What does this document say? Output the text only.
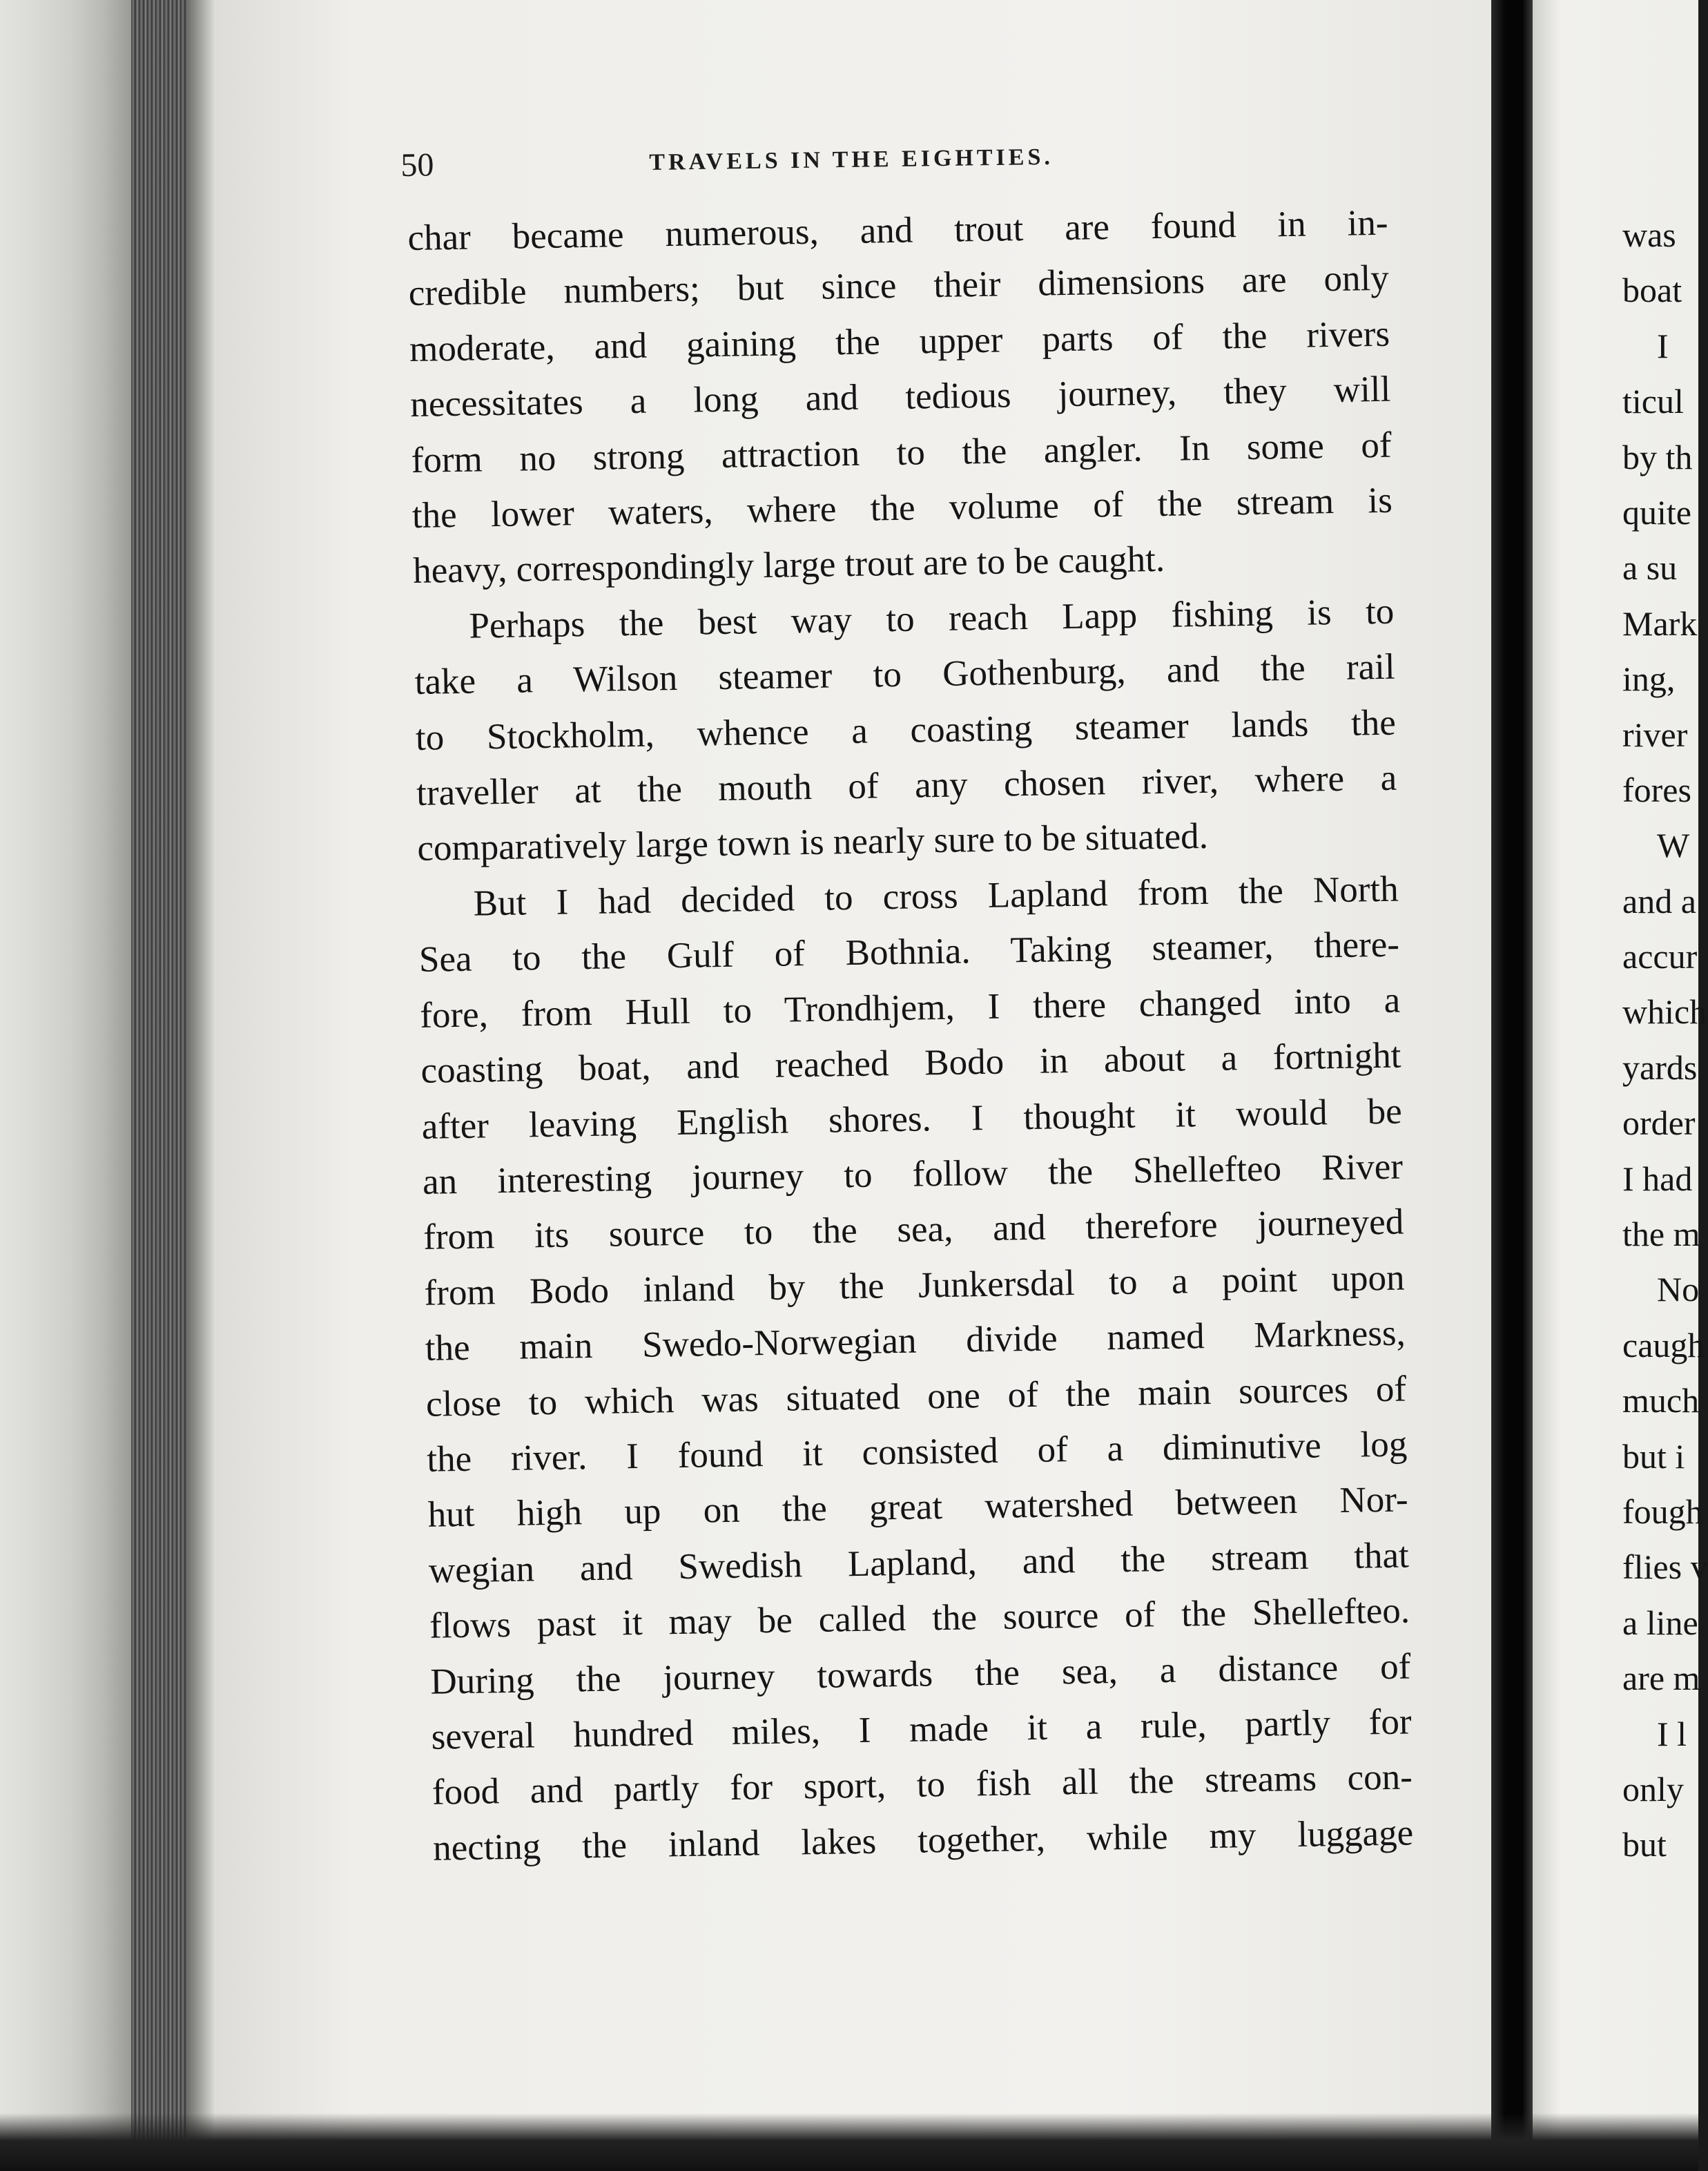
50	TRAVELS IN THE EIGHTIES.

char became numerous, and trout are found in in-
credible numbers; but since their dimensions are only
moderate, and gaining the upper parts of the rivers
necessitates a long and tedious journey, they will
form no strong attraction to the angler. In some of
the lower waters, where the volume of the stream is
heavy, correspondingly large trout are to be caught.

Perhaps the best way to reach Lapp fishing is to
take a Wilson steamer to Gothenburg, and the rail
to Stockholm, whence a coasting steamer lands the
traveller at the mouth of any chosen river, where a
comparatively large town is nearly sure to be situated.

But I had decided to cross Lapland from the North
Sea to the Gulf of Bothnia. Taking steamer, there-
fore, from Hull to Trondhjem, I there changed into a
coasting boat, and reached Bodo in about a fortnight
after leaving English shores. I thought it would be
an interesting journey to follow the Shellefteo River
from its source to the sea, and therefore journeyed
from Bodo inland by the Junkersdal to a point upon
the main Swedo-Norwegian divide named Markness,
close to which was situated one of the main sources of
the river. I found it consisted of a diminutive log
hut high up on the great watershed between Nor-
wegian and Swedish Lapland, and the stream that
flows past it may be called the source of the Shellefteo.
During the journey towards the sea, a distance of
several hundred miles, I made it a rule, partly for
food and partly for sport, to fish all the streams con-
necting the inland lakes together, while my luggage

was
boat
I
ticul
by th
quite
a su
Mark
ing,
river
fores
W
and a
accur
which
yards
order
I had
the m
No
caugh
much
but i
fough
flies v
a line
are m
I l
only
but
